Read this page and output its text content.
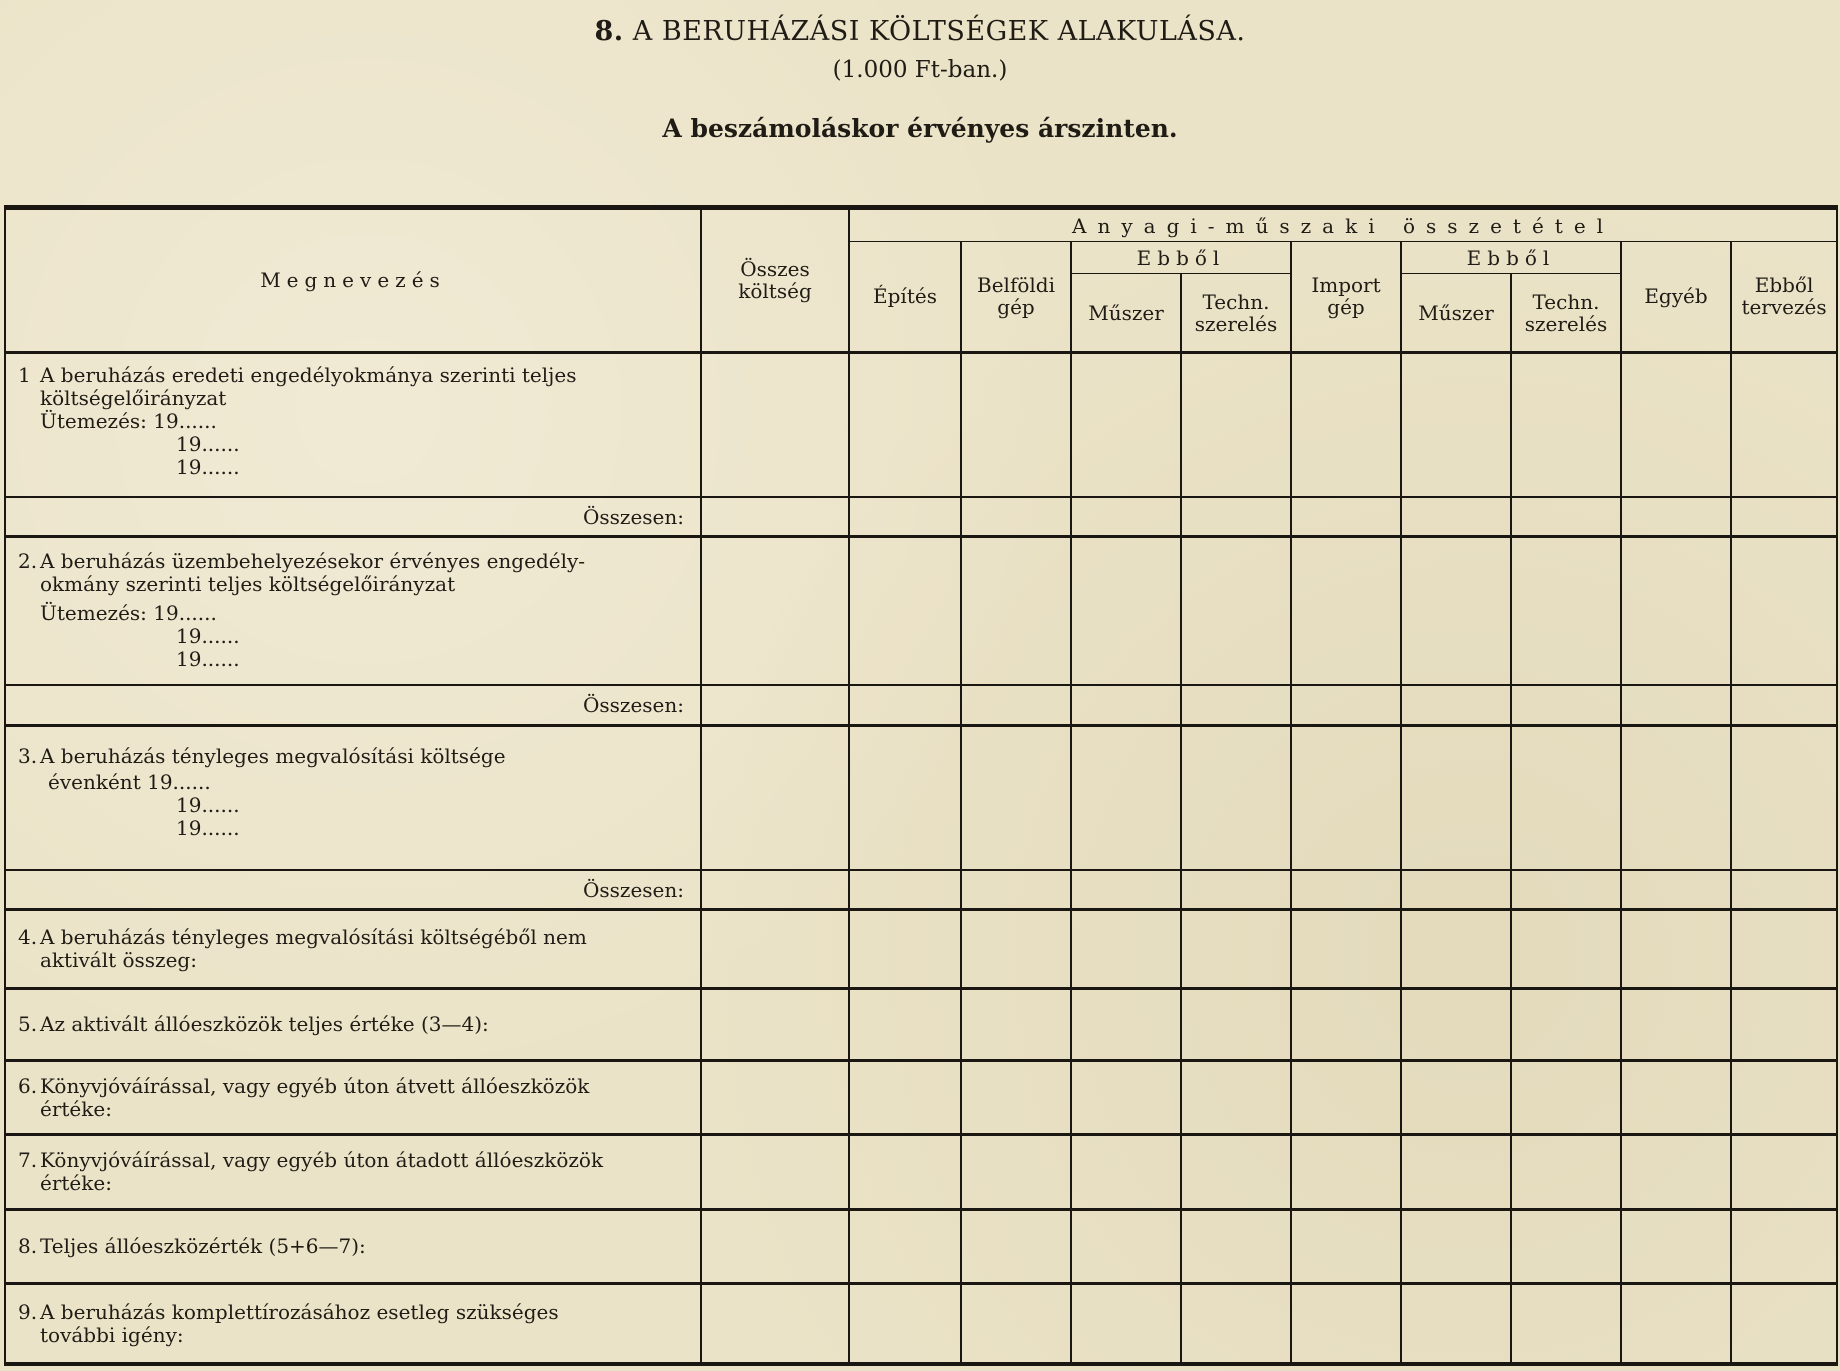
8. A BERUHÁZÁSI KÖLTSÉGEK ALAKULÁSA.
(1.000 Ft-ban.)
A beszámoláskor érvényes árszinten.
Megnevezés	Összes költség	Anyagi-műszaki összetétel								
		Építés	Belföldi gép	Ebből		Import gép	Ebből		Egyéb	Ebből tervezés
				Műszer	Techn. szerelés		Műszer	Techn. szerelés		

1 A beruházás eredeti engedélyokmánya szerinti teljes
költségelőirányzat
Ütemezés: 19......
19......
19......										

Összesen:										

2. A beruházás üzembehelyezésekor érvényes engedély-
okmány szerinti teljes költségelőirányzat
Ütemezés: 19......
19......
19......										

Összesen:										

3. A beruházás tényleges megvalósítási költsége
évenként 19......
19......
19......										

Összesen:										

4. A beruházás tényleges megvalósítási költségéből nem
aktivált összeg:										

5. Az aktivált állóeszközök teljes értéke (3—4):										

6. Könyvjóváírással, vagy egyéb úton átvett állóeszközök
értéke:										

7. Könyvjóváírással, vagy egyéb úton átadott állóeszközök
értéke:										

8. Teljes állóeszközérték (5+6—7):										

9. A beruházás komplettírozásához esetleg szükséges
további igény:										
